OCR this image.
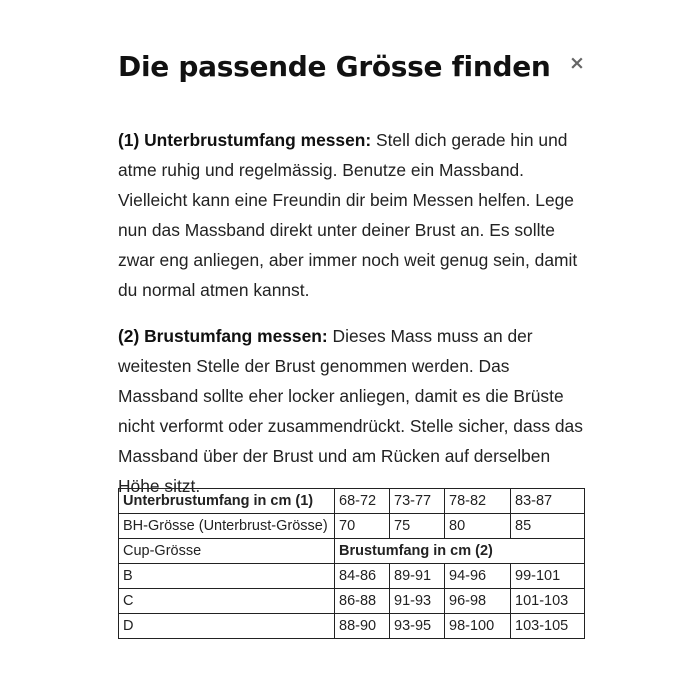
Die passende Grösse finden ×

(1) Unterbrustumfang messen: Stell dich gerade hin und atme ruhig und regelmässig. Benutze ein Massband. Vielleicht kann eine Freundin dir beim Messen helfen. Lege nun das Massband direkt unter deiner Brust an. Es sollte zwar eng anliegen, aber immer noch weit genug sein, damit du normal atmen kannst.

(2) Brustumfang messen: Dieses Mass muss an der weitesten Stelle der Brust genommen werden. Das Massband sollte eher locker anliegen, damit es die Brüste nicht verformt oder zusammendrückt. Stelle sicher, dass das Massband über der Brust und am Rücken auf derselben Höhe sitzt.

Unterbrustumfang in cm (1)	68-72	73-77	78-82	83-87
BH-Grösse (Unterbrust-Grösse)	70	75	80	85
Cup-Grösse	Brustumfang in cm (2)			
B	84-86	89-91	94-96	99-101
C	86-88	91-93	96-98	101-103
D	88-90	93-95	98-100	103-105
